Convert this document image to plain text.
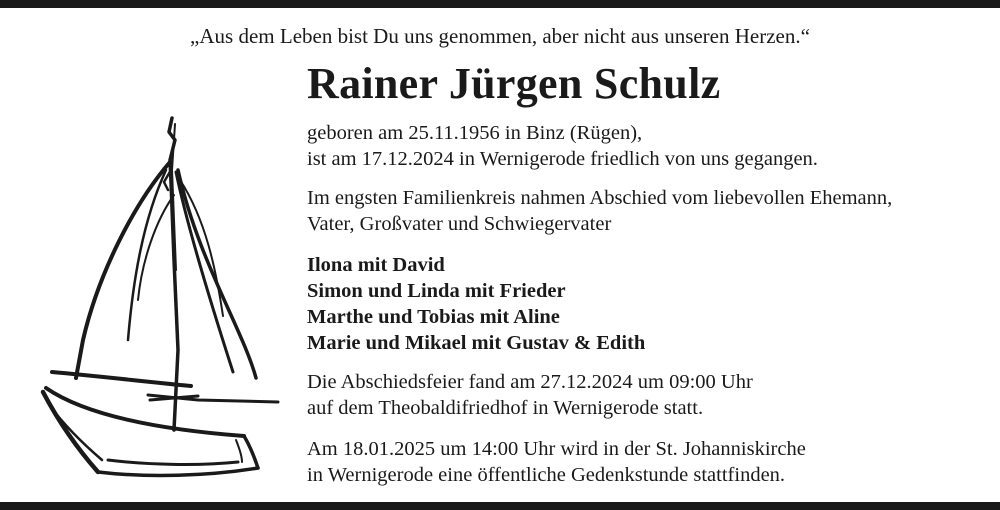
„Aus dem Leben bist Du uns genommen, aber nicht aus unseren Herzen.“
Rainer Jürgen Schulz
geboren am 25.11.1956 in Binz (Rügen),
ist am 17.12.2024 in Wernigerode friedlich von uns gegangen.
Im engsten Familienkreis nahmen Abschied vom liebevollen Ehemann,
Vater, Großvater und Schwiegervater
Ilona mit David
Simon und Linda mit Frieder
Marthe und Tobias mit Aline
Marie und Mikael mit Gustav & Edith
Die Abschiedsfeier fand am 27.12.2024 um 09:00 Uhr
auf dem Theobaldifriedhof in Wernigerode statt.
Am 18.01.2025 um 14:00 Uhr wird in der St. Johanniskirche
in Wernigerode eine öffentliche Gedenkstunde stattfinden.
